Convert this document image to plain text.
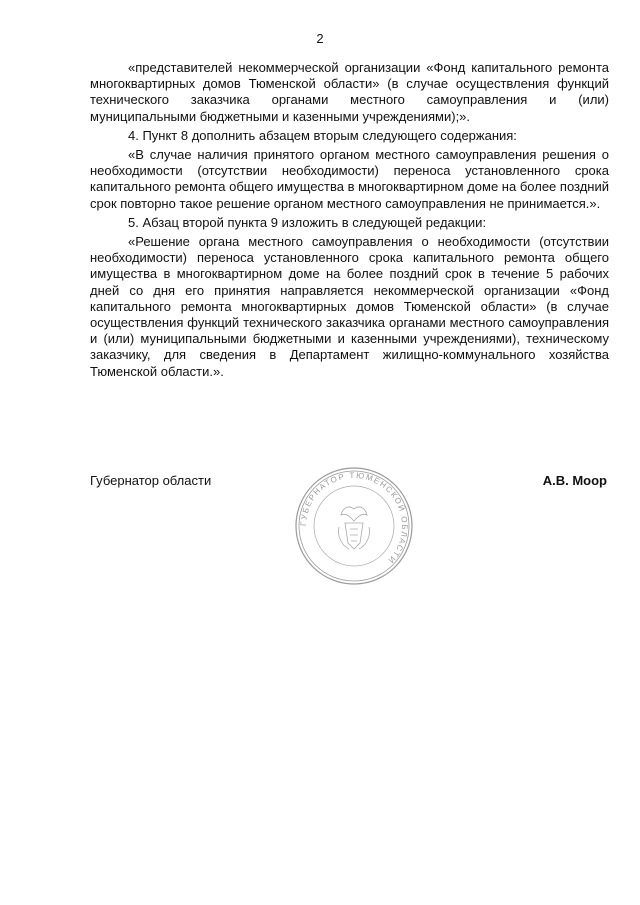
2

«представителей некоммерческой организации «Фонд капитального ремонта многоквартирных домов Тюменской области» (в случае осуществления функций технического заказчика органами местного самоуправления и (или) муниципальными бюджетными и казенными учреждениями);».

4. Пункт 8 дополнить абзацем вторым следующего содержания:

«В случае наличия принятого органом местного самоуправления решения о необходимости (отсутствии необходимости) переноса установленного срока капитального ремонта общего имущества в многоквартирном доме на более поздний срок повторно такое решение органом местного самоуправления не принимается.».

5. Абзац второй пункта 9 изложить в следующей редакции:

«Решение органа местного самоуправления о необходимости (отсутствии необходимости) переноса установленного срока капитального ремонта общего имущества в многоквартирном доме на более поздний срок в течение 5 рабочих дней со дня его принятия направляется некоммерческой организации «Фонд капитального ремонта многоквартирных домов Тюменской области» (в случае осуществления функций технического заказчика органами местного самоуправления и (или) муниципальными бюджетными и казенными учреждениями), техническому заказчику, для сведения в Департамент жилищно-коммунального хозяйства Тюменской области.».

Губернатор области	А.В. Моор
ГУБЕРНАТОР ТЮМЕНСКОЙ ОБЛАСТИ
